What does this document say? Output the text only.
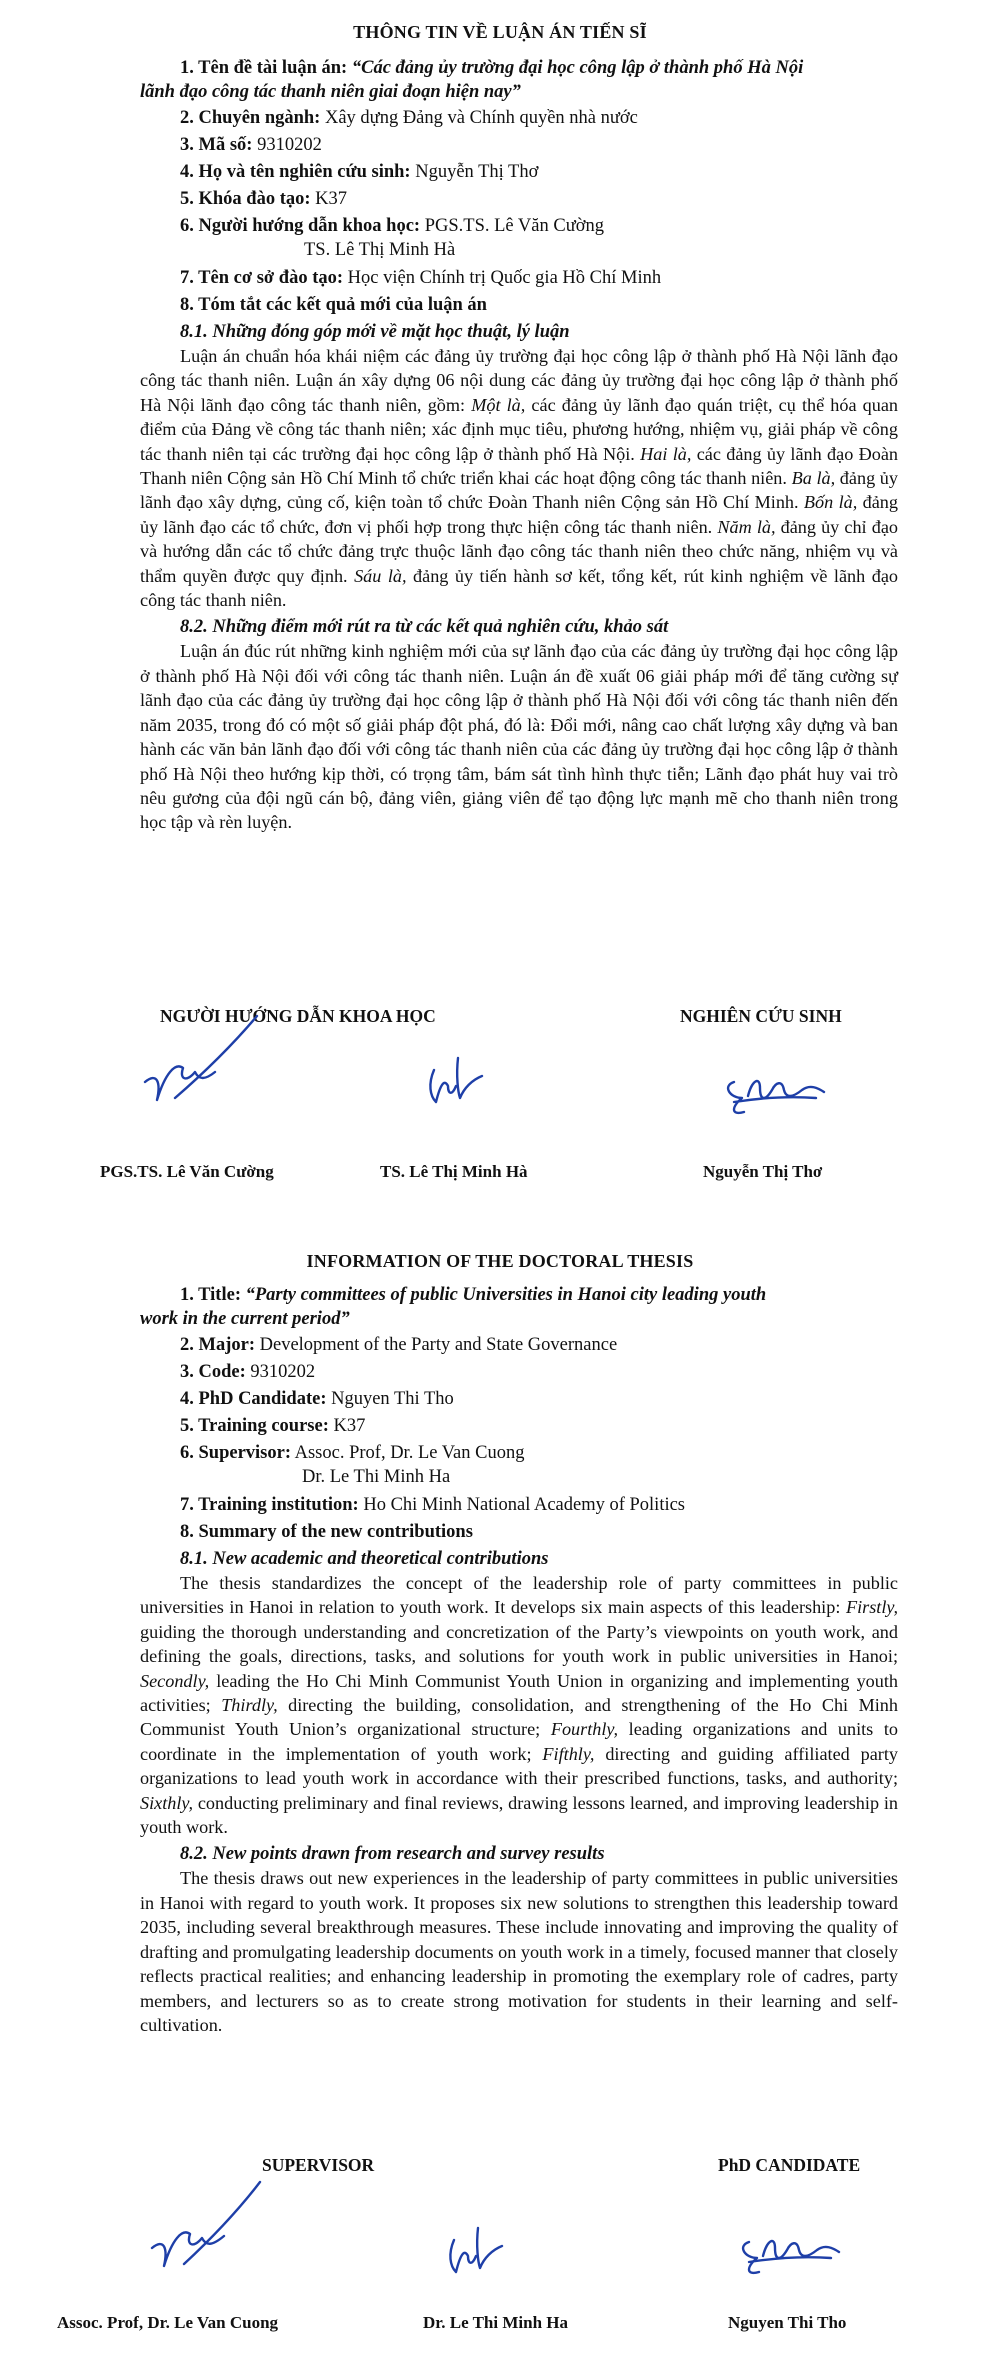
THÔNG TIN VỀ LUẬN ÁN TIẾN SĨ
1. Tên đề tài luận án: “Các đảng ủy trường đại học công lập ở thành phố Hà Nội
lãnh đạo công tác thanh niên giai đoạn hiện nay”
2. Chuyên ngành: Xây dựng Đảng và Chính quyền nhà nước
3. Mã số: 9310202
4. Họ và tên nghiên cứu sinh: Nguyễn Thị Thơ
5. Khóa đào tạo: K37
6. Người hướng dẫn khoa học: PGS.TS. Lê Văn Cường
TS. Lê Thị Minh Hà
7. Tên cơ sở đào tạo: Học viện Chính trị Quốc gia Hồ Chí Minh
8. Tóm tắt các kết quả mới của luận án
8.1. Những đóng góp mới về mặt học thuật, lý luận

Luận án chuẩn hóa khái niệm các đảng ủy trường đại học công lập ở thành phố Hà Nội lãnh đạo công tác thanh niên. Luận án xây dựng 06 nội dung các đảng ủy trường đại học công lập ở thành phố Hà Nội lãnh đạo công tác thanh niên, gồm: Một là, các đảng ủy lãnh đạo quán triệt, cụ thể hóa quan điểm của Đảng về công tác thanh niên; xác định mục tiêu, phương hướng, nhiệm vụ, giải pháp về công tác thanh niên tại các trường đại học công lập ở thành phố Hà Nội. Hai là, các đảng ủy lãnh đạo Đoàn Thanh niên Cộng sản Hồ Chí Minh tổ chức triển khai các hoạt động công tác thanh niên. Ba là, đảng ủy lãnh đạo xây dựng, củng cố, kiện toàn tổ chức Đoàn Thanh niên Cộng sản Hồ Chí Minh. Bốn là, đảng ủy lãnh đạo các tổ chức, đơn vị phối hợp trong thực hiện công tác thanh niên. Năm là, đảng ủy chỉ đạo và hướng dẫn các tổ chức đảng trực thuộc lãnh đạo công tác thanh niên theo chức năng, nhiệm vụ và thẩm quyền được quy định. Sáu là, đảng ủy tiến hành sơ kết, tổng kết, rút kinh nghiệm về lãnh đạo công tác thanh niên.

8.2. Những điểm mới rút ra từ các kết quả nghiên cứu, khảo sát

Luận án đúc rút những kinh nghiệm mới của sự lãnh đạo của các đảng ủy trường đại học công lập ở thành phố Hà Nội đối với công tác thanh niên. Luận án đề xuất 06 giải pháp mới để tăng cường sự lãnh đạo của các đảng ủy trường đại học công lập ở thành phố Hà Nội đối với công tác thanh niên đến năm 2035, trong đó có một số giải pháp đột phá, đó là: Đổi mới, nâng cao chất lượng xây dựng và ban hành các văn bản lãnh đạo đối với công tác thanh niên của các đảng ủy trường đại học công lập ở thành phố Hà Nội theo hướng kịp thời, có trọng tâm, bám sát tình hình thực tiễn; Lãnh đạo phát huy vai trò nêu gương của đội ngũ cán bộ, đảng viên, giảng viên để tạo động lực mạnh mẽ cho thanh niên trong học tập và rèn luyện.

NGƯỜI HƯỚNG DẪN KHOA HỌC	NGHIÊN CỨU SINH
PGS.TS. Lê Văn Cường	TS. Lê Thị Minh Hà	Nguyễn Thị Thơ
INFORMATION OF THE DOCTORAL THESIS
1. Title: “Party committees of public Universities in Hanoi city leading youth
work in the current period”
2. Major: Development of the Party and State Governance
3. Code: 9310202
4. PhD Candidate: Nguyen Thi Tho
5. Training course: K37
6. Supervisor: Assoc. Prof, Dr. Le Van Cuong
Dr. Le Thi Minh Ha
7. Training institution: Ho Chi Minh National Academy of Politics
8. Summary of the new contributions
8.1. New academic and theoretical contributions

The thesis standardizes the concept of the leadership role of party committees in public universities in Hanoi in relation to youth work. It develops six main aspects of this leadership: Firstly, guiding the thorough understanding and concretization of the Party’s viewpoints on youth work, and defining the goals, directions, tasks, and solutions for youth work in public universities in Hanoi; Secondly, leading the Ho Chi Minh Communist Youth Union in organizing and implementing youth activities; Thirdly, directing the building, consolidation, and strengthening of the Ho Chi Minh Communist Youth Union’s organizational structure; Fourthly, leading organizations and units to coordinate in the implementation of youth work; Fifthly, directing and guiding affiliated party organizations to lead youth work in accordance with their prescribed functions, tasks, and authority; Sixthly, conducting preliminary and final reviews, drawing lessons learned, and improving leadership in youth work.

8.2. New points drawn from research and survey results

The thesis draws out new experiences in the leadership of party committees in public universities in Hanoi with regard to youth work. It proposes six new solutions to strengthen this leadership toward 2035, including several breakthrough measures. These include innovating and improving the quality of drafting and promulgating leadership documents on youth work in a timely, focused manner that closely reflects practical realities; and enhancing leadership in promoting the exemplary role of cadres, party members, and lecturers so as to create strong motivation for students in their learning and self-cultivation.

SUPERVISOR	PhD CANDIDATE
Assoc. Prof, Dr. Le Van Cuong	Dr. Le Thi Minh Ha	Nguyen Thi Tho
